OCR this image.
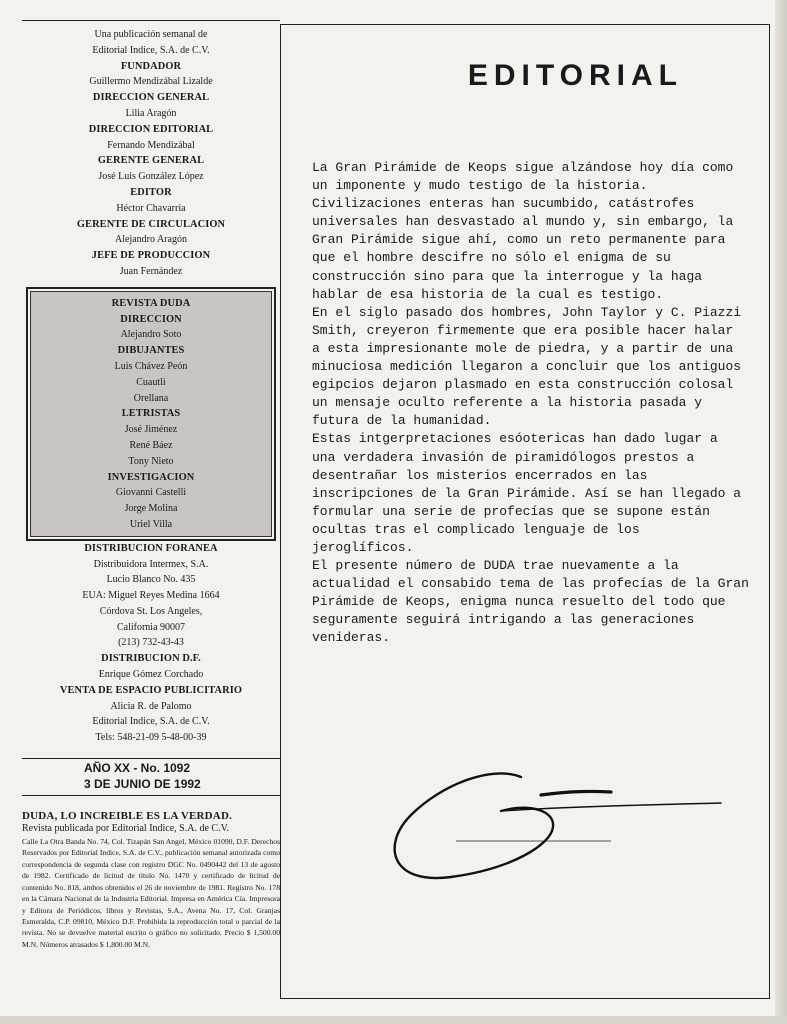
Una publicación semanal de
Editorial Indice, S.A. de C.V.
FUNDADOR
Guillermo Mendizábal Lizalde
DIRECCION GENERAL
Lilia Aragón
DIRECCION EDITORIAL
Fernando Mendizábal
GERENTE GENERAL
José Luis González López
EDITOR
Héctor Chavarría
GERENTE DE CIRCULACION
Alejandro Aragón
JEFE DE PRODUCCION
Juan Fernández
REVISTA DUDA
DIRECCION
Alejandro Soto
DIBUJANTES
Luis Chávez Peón
Cuautli
Orellana
LETRISTAS
José Jiménez
René Báez
Tony Nieto
INVESTIGACION
Giovanni Castelli
Jorge Molina
Uriel Villa
DISTRIBUCION FORANEA
Distribuidora Intermex, S.A.
Lucio Blanco No. 435
EUA: Miguel Reyes Medina 1664
Córdova St. Los Angeles,
California 90007
(213) 732-43-43
DISTRIBUCION D.F.
Enrique Gómez Corchado
VENTA DE ESPACIO PUBLICITARIO
Alicia R. de Palomo
Editorial Indice, S.A. de C.V.
Tels: 548-21-09 5-48-00-39
AÑO XX - No. 1092
3 DE JUNIO DE 1992
DUDA, LO INCREIBLE ES LA VERDAD.
Revista publicada por Editorial Indice, S.A. de C.V.
Calle La Otra Banda No. 74, Col. Tizapán San Angel, México 01090, D.F. Derechos Reservados por Editorial Indice, S.A. de C.V., publicación semanal autorizada como correspondencia de segunda clase con registro DGC No. 0490442 del 13 de agosto de 1982. Certificado de licitud de título No. 1470 y certificado de licitud de contenido No. 818, ambos obtenidos el 26 de noviembre de 1981. Registro No. 178 en la Cámara Nacional de la Industria Editorial. Impresa en América Cía. Impresora y Editora de Periódicos, libros y Revistas, S.A., Avena No. 17, Col. Granjas Esmeralda, C.P. 09810, México D.F. Prohibida la reproducción total o parcial de la revista. No se devuelve material escrito o gráfico no solicitado. Precio $ 1,500.00 M.N. Números atrasados $ 1,800.00 M.N.
EDITORIAL
La Gran Pirámide de Keops sigue alzándose hoy día como
un imponente y mudo testigo de la historia.
Civilizaciones enteras han sucumbido, catástrofes
universales han desvastado al mundo y, sin embargo, la
Gran Pirámide sigue ahí, como un reto permanente para
que el hombre descifre no sólo el enigma de su
construcción sino para que la interrogue y la haga
hablar de esa historia de la cual es testigo.
En el siglo pasado dos hombres, John Taylor y C. Piazzi
Smith, creyeron firmemente que era posible hacer halar
a esta impresionante mole de piedra, y a partir de una
minuciosa medición llegaron a concluir que los antiguos
egipcios dejaron plasmado en esta construcción colosal
un mensaje oculto referente a la historia pasada y
futura de la humanidad.
Estas intgerpretaciones esóotericas han dado lugar a
una verdadera invasión de piramidólogos prestos a
desentrañar los misterios encerrados en las
inscripciones de la Gran Pirámide. Así se han llegado a
formular una serie de profecías que se supone están
ocultas tras el complicado lenguaje de los
jeroglíficos.
El presente número de DUDA trae nuevamente a la
actualidad el consabido tema de las profecías de la Gran
Pirámide de Keops, enigma nunca resuelto del todo que
seguramente seguirá intrigando a las generaciones
venideras.
